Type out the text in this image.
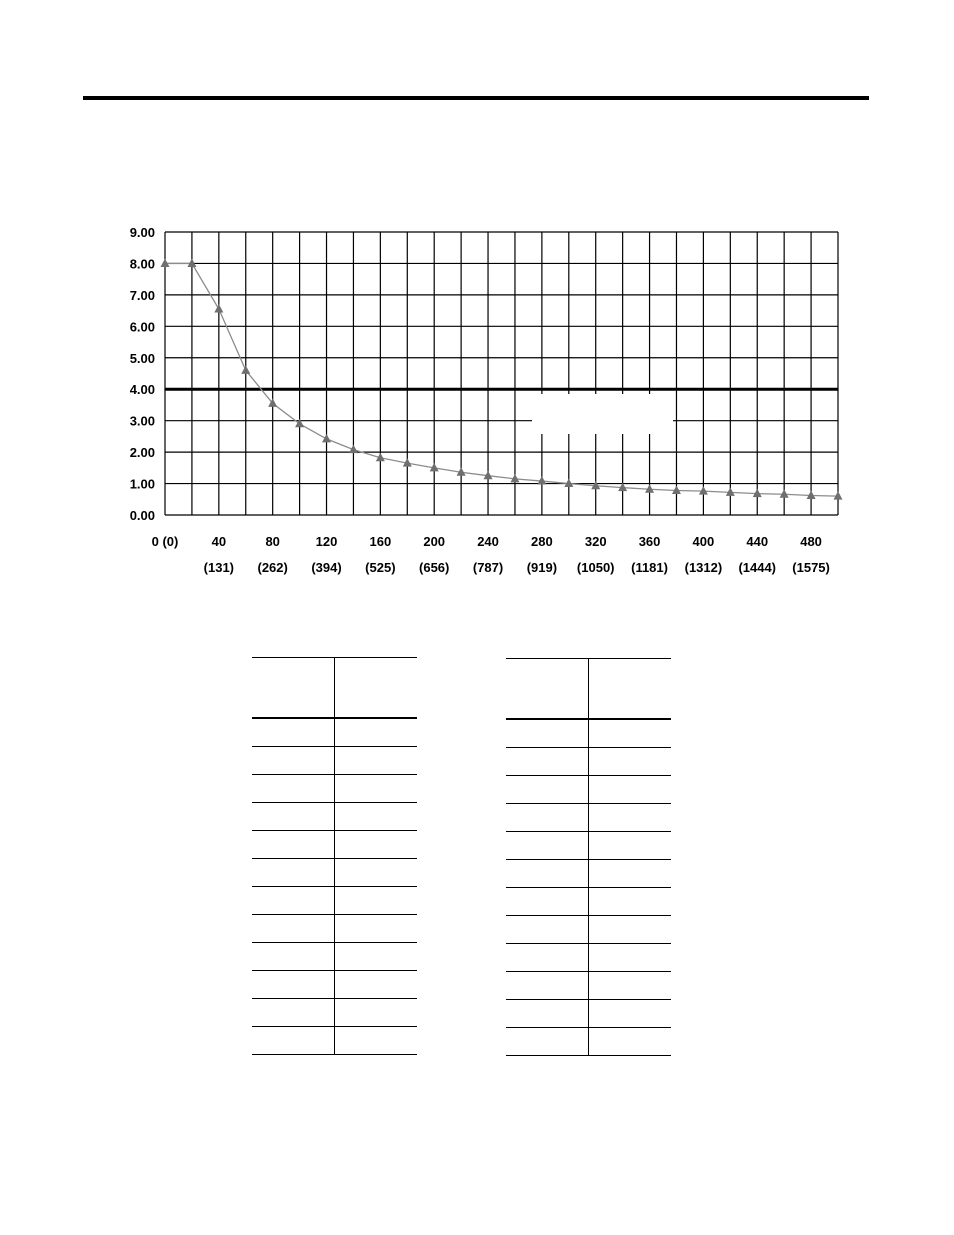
0.00
1.00
2.00
3.00
4.00
5.00
6.00
7.00
8.00
9.00
0 (0)	40
(131)
80
(262)
120
(394)
160
(525)
200
(656)
240
(787)
280
(919)
320
(1050)
360
(1181)
400
(1312)
440
(1444)
480
(1575)
